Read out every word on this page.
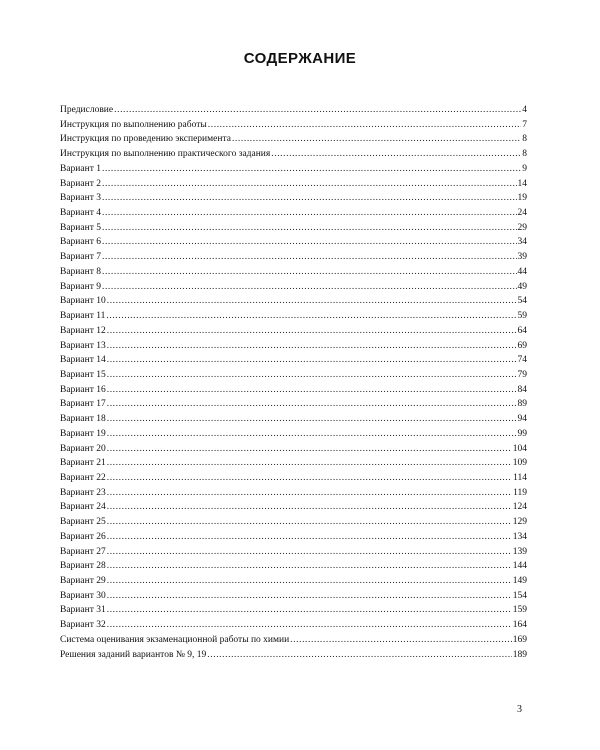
СОДЕРЖАНИЕ
Предисловие .....	4
Инструкция по выполнению работы .....	7
Инструкция по проведению эксперимента .....	8
Инструкция по выполнению практического задания .....	8
Вариант 1 .....	9
Вариант 2 .....	14
Вариант 3 .....	19
Вариант 4 .....	24
Вариант 5 .....	29
Вариант 6 .....	34
Вариант 7 .....	39
Вариант 8 .....	44
Вариант 9 .....	49
Вариант 10 .....	54
Вариант 11 .....	59
Вариант 12 .....	64
Вариант 13 .....	69
Вариант 14 .....	74
Вариант 15 .....	79
Вариант 16 .....	84
Вариант 17 .....	89
Вариант 18 .....	94
Вариант 19 .....	99
Вариант 20 .....	104
Вариант 21 .....	109
Вариант 22 .....	114
Вариант 23 .....	119
Вариант 24 .....	124
Вариант 25 .....	129
Вариант 26 .....	134
Вариант 27 .....	139
Вариант 28 .....	144
Вариант 29 .....	149
Вариант 30 .....	154
Вариант 31 .....	159
Вариант 32 .....	164
Система оценивания экзаменационной работы по химии .....	169
Решения заданий вариантов № 9, 19 .....	189
3
